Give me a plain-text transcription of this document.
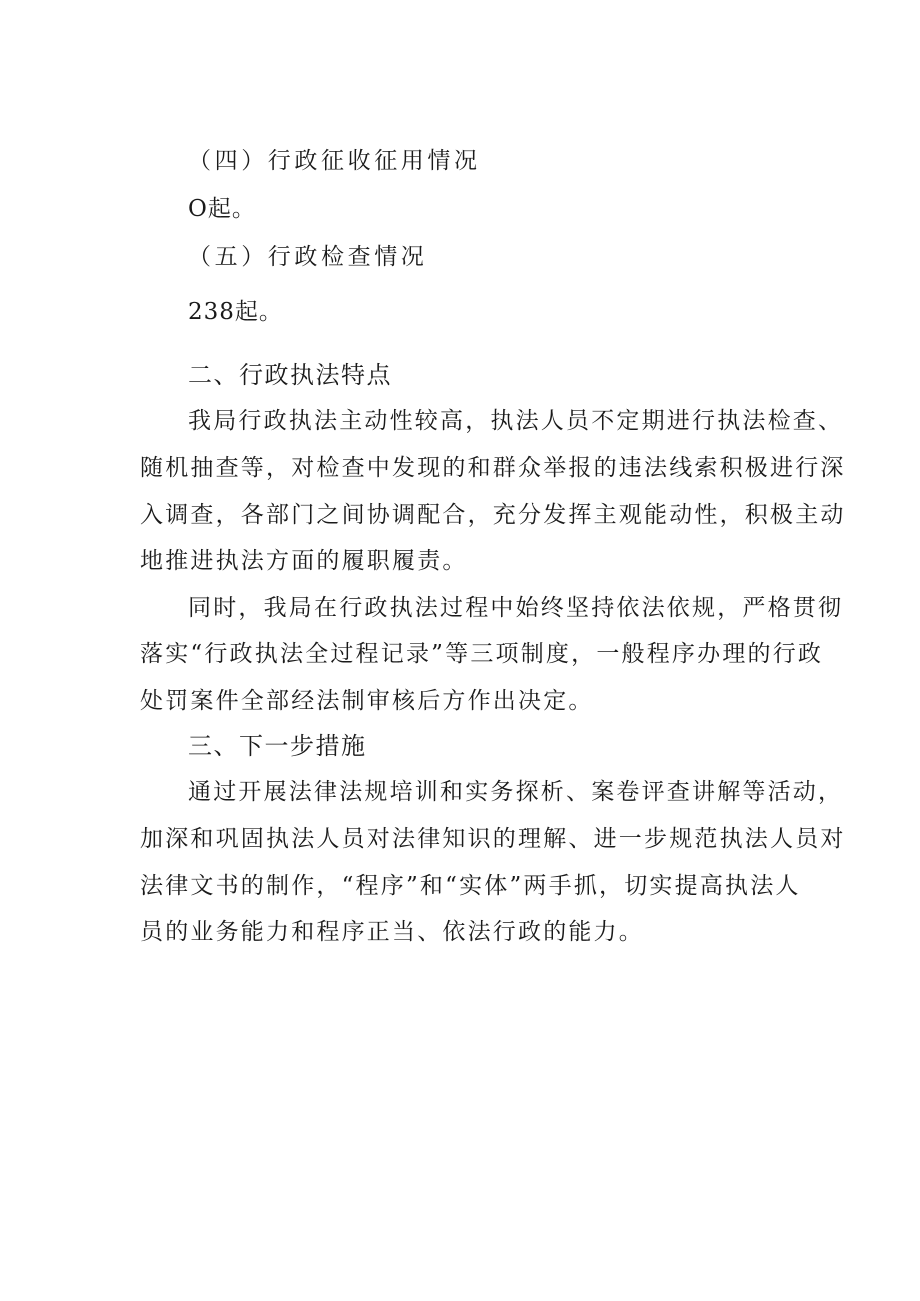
（四）行政征收征用情况
O起。
（五）行政检查情况
238起。
二、行政执法特点
我局行政执法主动性较高，执法人员不定期进行执法检查、
随机抽查等，对检查中发现的和群众举报的违法线索积极进行深
入调查，各部门之间协调配合，充分发挥主观能动性，积极主动
地推进执法方面的履职履责。
同时，我局在行政执法过程中始终坚持依法依规，严格贯彻
落实“行政执法全过程记录”等三项制度，一般程序办理的行政
处罚案件全部经法制审核后方作出决定。
三、下一步措施
通过开展法律法规培训和实务探析、案卷评查讲解等活动，
加深和巩固执法人员对法律知识的理解、进一步规范执法人员对
法律文书的制作，“程序”和“实体”两手抓，切实提高执法人
员的业务能力和程序正当、依法行政的能力。
